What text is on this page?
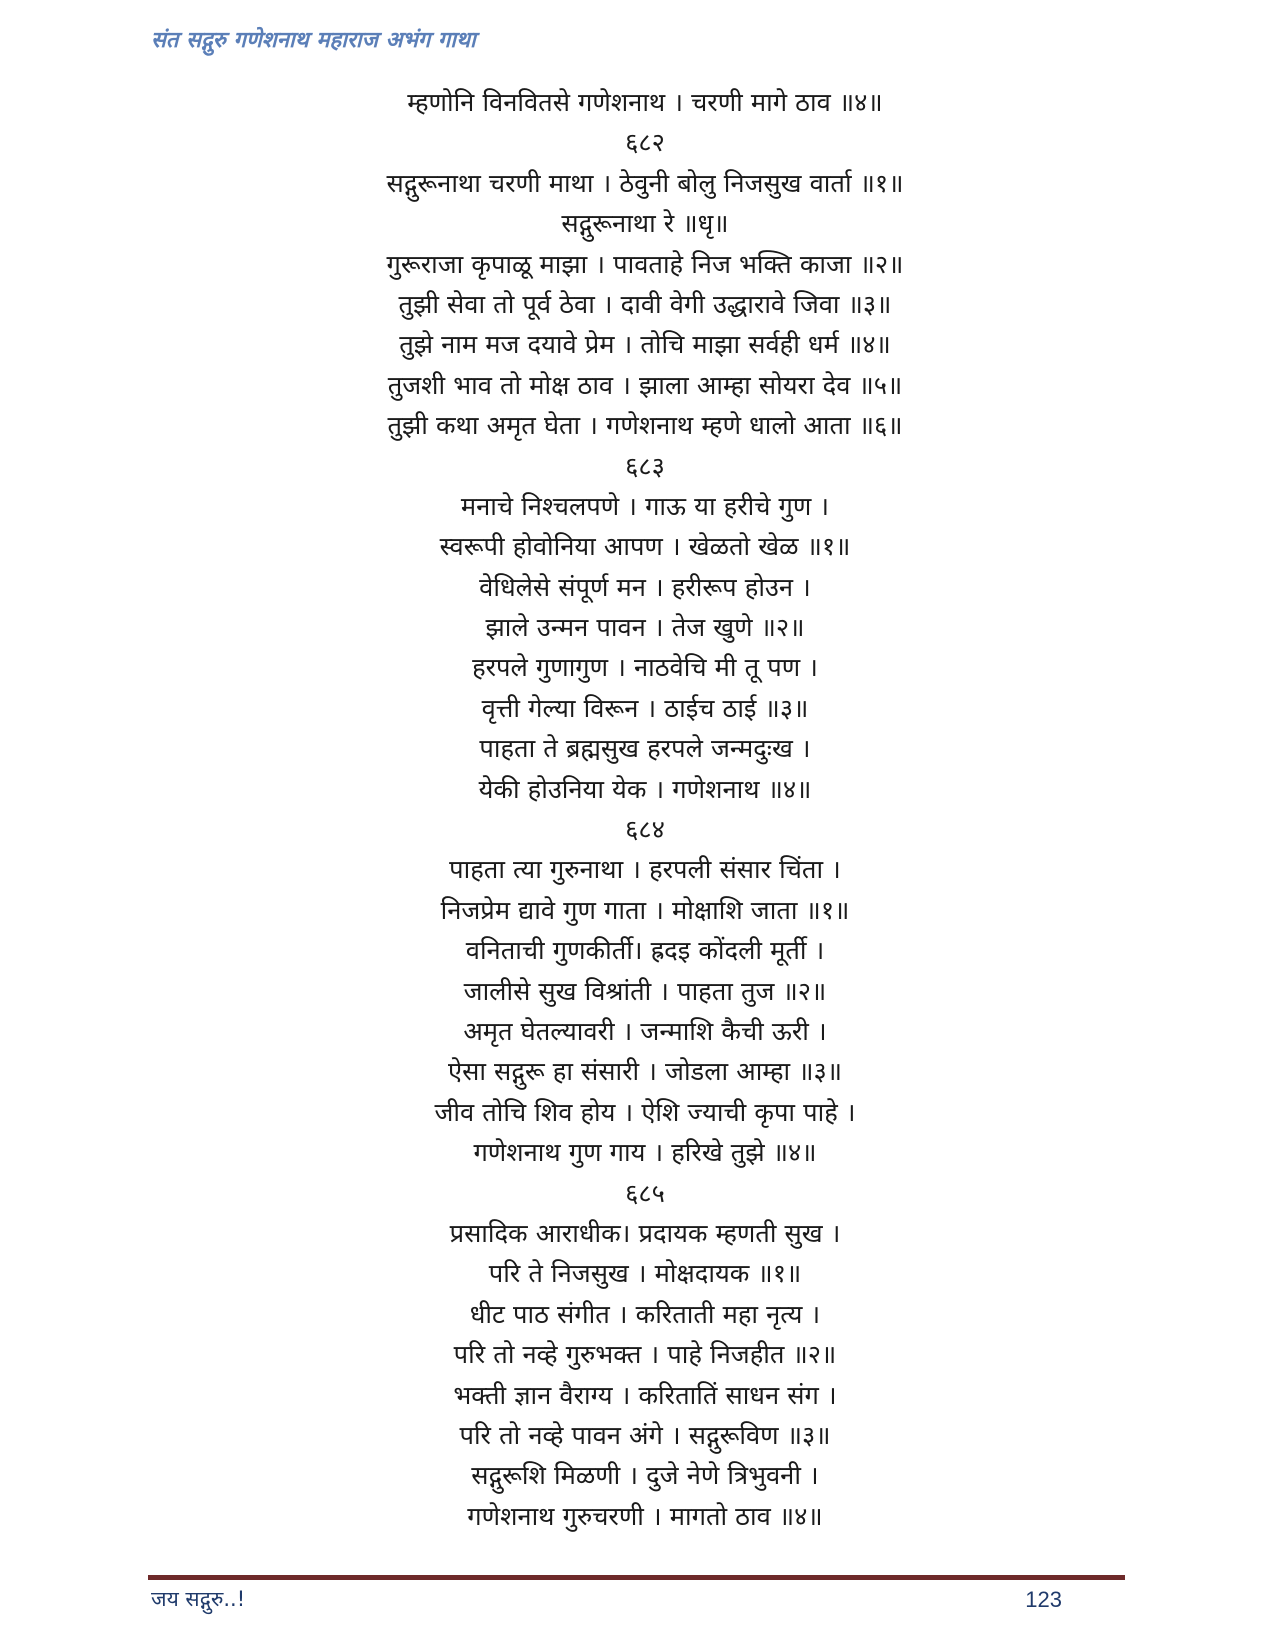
संत सद्गुरु गणेशनाथ महाराज अभंग गाथा
म्हणोनि विनवितसे गणेशनाथ । चरणी मागे ठाव ॥४॥
६८२
सद्गुरूनाथा चरणी माथा । ठेवुनी बोलु निजसुख वार्ता ॥१॥
सद्गुरूनाथा रे ॥धृ॥
गुरूराजा कृपाळू माझा । पावताहे निज भक्ति काजा ॥२॥
तुझी सेवा तो पूर्व ठेवा । दावी वेगी उद्धारावे जिवा ॥३॥
तुझे नाम मज दयावे प्रेम । तोचि माझा सर्वही धर्म ॥४॥
तुजशी भाव तो मोक्ष ठाव । झाला आम्हा सोयरा देव ॥५॥
तुझी कथा अमृत घेता । गणेशनाथ म्हणे धालो आता ॥६॥
६८३
मनाचे निश्चलपणे । गाऊ या हरीचे गुण ।
स्वरूपी होवोनिया आपण । खेळतो खेळ ॥१॥
वेधिलेसे संपूर्ण मन । हरीरूप होउन ।
झाले उन्मन पावन । तेज खुणे ॥२॥
हरपले गुणागुण । नाठवेचि मी तू पण ।
वृत्ती गेल्या विरून । ठाईच ठाई ॥३॥
पाहता ते ब्रह्मसुख हरपले जन्मदुःख ।
येकी होउनिया येक । गणेशनाथ ॥४॥
६८४
पाहता त्या गुरुनाथा । हरपली संसार चिंता ।
निजप्रेम द्यावे गुण गाता । मोक्षाशि जाता ॥१॥
वनिताची गुणकीर्ती। ह्रदइ कोंदली मूर्ती ।
जालीसे सुख विश्रांती । पाहता तुज ॥२॥
अमृत घेतल्यावरी । जन्माशि कैची ऊरी ।
ऐसा सद्गुरू हा संसारी । जोडला आम्हा ॥३॥
जीव तोचि शिव होय । ऐशि ज्याची कृपा पाहे ।
गणेशनाथ गुण गाय । हरिखे तुझे ॥४॥
६८५
प्रसादिक आराधीक। प्रदायक म्हणती सुख ।
परि ते निजसुख । मोक्षदायक ॥१॥
धीट पाठ संगीत । करिताती महा नृत्य ।
परि तो नव्हे गुरुभक्त । पाहे निजहीत ॥२॥
भक्ती ज्ञान वैराग्य । करितातिं साधन संग ।
परि तो नव्हे पावन अंगे । सद्गुरूविण ॥३॥
सद्गुरूशि मिळणी । दुजे नेणे त्रिभुवनी ।
गणेशनाथ गुरुचरणी । मागतो ठाव ॥४॥
जय सद्गुरु..!	123
